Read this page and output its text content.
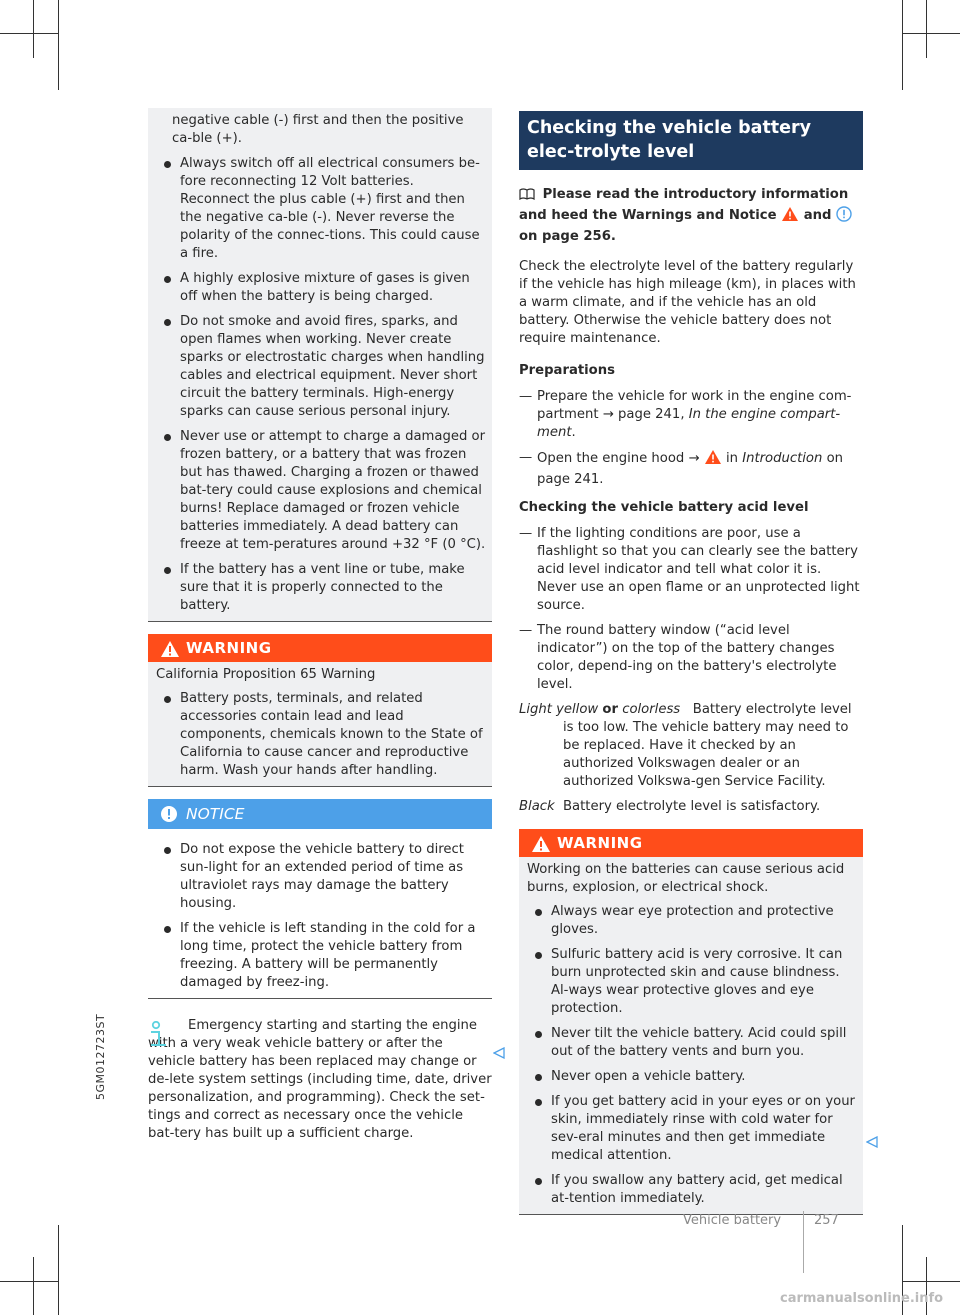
negative cable (-) first and then the positive ca-ble (+).

Always switch off all electrical consumers be-fore reconnecting 12 Volt batteries. Reconnect the plus cable (+) first and then the negative ca-ble (-). Never reverse the polarity of the connec-tions. This could cause a fire.
A highly explosive mixture of gases is given off when the battery is being charged.
Do not smoke and avoid fires, sparks, and open flames when working. Never create sparks or electrostatic charges when handling cables and electrical equipment. Never short circuit the battery terminals. High-energy sparks can cause serious personal injury.
Never use or attempt to charge a damaged or frozen battery, or a battery that was frozen but has thawed. Charging a frozen or thawed bat-tery could cause explosions and chemical burns! Replace damaged or frozen vehicle batteries immediately. A dead battery can freeze at tem-peratures around +32 °F (0 °C).
If the battery has a vent line or tube, make sure that it is properly connected to the battery.
WARNING

California Proposition 65 Warning

Battery posts, terminals, and related accessories contain lead and lead components, chemicals known to the State of California to cause cancer and reproductive harm. Wash your hands after handling.
NOTICE
Do not expose the vehicle battery to direct sun-light for an extended period of time as ultraviolet rays may damage the battery housing.
If the vehicle is left standing in the cold for a long time, protect the vehicle battery from freezing. A battery will be permanently damaged by freez-ing.

Emergency starting and starting the engine with a very weak vehicle battery or after the vehicle battery has been replaced may change or de-lete system settings (including time, date, driver personalization, and programming). Check the set-tings and correct as necessary once the vehicle bat-tery has built up a sufficient charge.

Checking the vehicle battery elec-trolyte level

Please read the introductory information and heed the Warnings and Notice and  on page 256.

Check the electrolyte level of the battery regularly if the vehicle has high mileage (km), in places with a warm climate, and if the vehicle has an old battery. Otherwise the vehicle battery does not require maintenance.

Preparations

— Prepare the vehicle for work in the engine com-partment → page 241, In the engine compart-ment.
— Open the engine hood → in Introduction on page 241.

Checking the vehicle battery acid level

— If the lighting conditions are poor, use a flashlight so that you can clearly see the battery acid level indicator and tell what color it is. Never use an open flame or an unprotected light source.
— The round battery window (“acid level indicator”) on the top of the battery changes color, depend-ing on the battery's electrolyte level.
Light yellow or colorless Battery electrolyte level is too low. The vehicle battery may need to be replaced. Have it checked by an authorized Volkswagen dealer or an authorized Volkswa-gen Service Facility.
Black Battery electrolyte level is satisfactory.
WARNING

Working on the batteries can cause serious acid burns, explosion, or electrical shock.

Always wear eye protection and protective gloves.
Sulfuric battery acid is very corrosive. It can burn unprotected skin and cause blindness. Al-ways wear protective gloves and eye protection.
Never tilt the vehicle battery. Acid could spill out of the battery vents and burn you.
Never open a vehicle battery.
If you get battery acid in your eyes or on your skin, immediately rinse with cold water for sev-eral minutes and then get immediate medical attention.
If you swallow any battery acid, get medical at-tention immediately.
5GM012723ST
Vehicle battery	257
carmanualsonline.info
